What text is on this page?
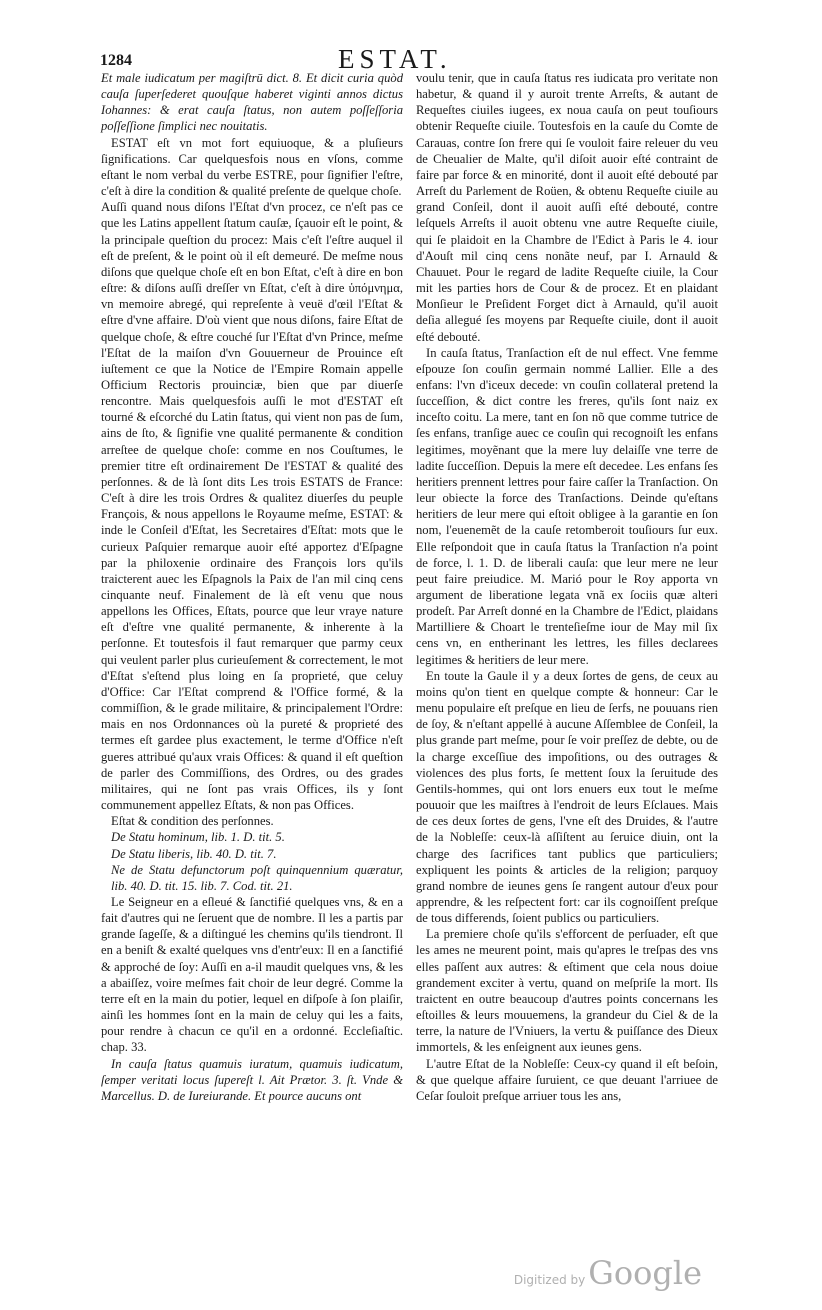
1284	ESTAT.

Et male iudicatum per magiſtrū dict. 8. Et dicit curia quòd cauſa ſuperſederet quouſque haberet viginti annos dictus Iohannes: & erat cauſa ſtatus, non autem poſſeſſoria poſſeſſione ſimplici nec nouitatis.

ESTAT eſt vn mot fort equiuoque, & a pluſieurs ſignifications. Car quelquesfois nous en vſons, comme eſtant le nom verbal du verbe ESTRE, pour ſignifier l'eſtre, c'eſt à dire la condition & qualité preſente de quelque choſe.

Auſſi quand nous diſons l'Eſtat d'vn procez, ce n'eſt pas ce que les Latins appellent ſtatum cauſæ, ſçauoir eſt le point, & la principale queſtion du procez: Mais c'eſt l'eſtre auquel il eſt de preſent, & le point où il eſt demeuré. De meſme nous diſons que quelque choſe eſt en bon Eſtat, c'eſt à dire en bon eſtre: & diſons auſſi dreſſer vn Eſtat, c'eſt à dire ὑπόμνημα, vn memoire abregé, qui repreſente à veuë d'œil l'Eſtat & eſtre d'vne affaire. D'où vient que nous diſons, faire Eſtat de quelque choſe, & eſtre couché ſur l'Eſtat d'vn Prince, meſme l'Eſtat de la maiſon d'vn Gouuerneur de Prouince eſt iuſtement ce que la Notice de l'Empire Romain appelle Officium Rectoris prouinciæ, bien que par diuerſe rencontre. Mais quelquesfois auſſi le mot d'ESTAT eſt tourné & eſcorché du Latin ſtatus, qui vient non pas de ſum, ains de ſto, & ſignifie vne qualité permanente & condition arreſtee de quelque choſe: comme en nos Couſtumes, le premier titre eſt ordinairement De l'ESTAT & qualité des perſonnes. & de là ſont dits Les trois ESTATS de France: C'eſt à dire les trois Ordres & qualitez diuerſes du peuple François, & nous appellons le Royaume meſme, ESTAT: & inde le Conſeil d'Eſtat, les Secretaires d'Eſtat: mots que le curieux Paſquier remarque auoir eſté apportez d'Eſpagne par la philoxenie ordinaire des François lors qu'ils traicterent auec les Eſpagnols la Paix de l'an mil cinq cens cinquante neuf. Finalement de là eſt venu que nous appellons les Offices, Eſtats, pource que leur vraye nature eſt d'eſtre vne qualité permanente, & inherente à la perſonne. Et toutesfois il faut remarquer que parmy ceux qui veulent parler plus curieuſement & correctement, le mot d'Eſtat s'eſtend plus loing en ſa proprieté, que celuy d'Office: Car l'Eſtat comprend & l'Office formé, & la commiſſion, & le grade militaire, & principalement l'Ordre: mais en nos Ordonnances où la pureté & proprieté des termes eſt gardee plus exactement, le terme d'Office n'eſt gueres attribué qu'aux vrais Offices: & quand il eſt queſtion de parler des Commiſſions, des Ordres, ou des grades militaires, qui ne ſont pas vrais Offices, ils y ſont communement appellez Eſtats, & non pas Offices.

Eſtat & condition des perſonnes.

De Statu hominum, lib. 1. D. tit. 5.

De Statu liberis, lib. 40. D. tit. 7.

Ne de Statu defunctorum poſt quinquennium quæratur, lib. 40. D. tit. 15. lib. 7. Cod. tit. 21.

Le Seigneur en a eſleué & ſanctifié quelques vns, & en a fait d'autres qui ne ſeruent que de nombre. Il les a partis par grande ſageſſe, & a diſtingué les chemins qu'ils tiendront. Il en a beniſt & exalté quelques vns d'entr'eux: Il en a ſanctifié & approché de ſoy: Auſſi en a-il maudit quelques vns, & les a abaiſſez, voire meſmes fait choir de leur degré. Comme la terre eſt en la main du potier, lequel en diſpoſe à ſon plaiſir, ainſi les hommes ſont en la main de celuy qui les a faits, pour rendre à chacun ce qu'il en a ordonné. Eccleſiaſtic. chap. 33.

In cauſa ſtatus quamuis iuratum, quamuis iudicatum, ſemper veritati locus ſupereſt l. Ait Prætor. 3. ſt. Vnde & Marcellus. D. de Iureiurande. Et pource aucuns ont

voulu tenir, que in cauſa ſtatus res iudicata pro veritate non habetur, & quand il y auroit trente Arreſts, & autant de Requeſtes ciuiles iugees, ex noua cauſa on peut touſiours obtenir Requeſte ciuile. Toutesfois en la cauſe du Comte de Carauas, contre ſon frere qui ſe vouloit faire releuer du veu de Cheualier de Malte, qu'il diſoit auoir eſté contraint de faire par force & en minorité, dont il auoit eſté debouté par Arreſt du Parlement de Roüen, & obtenu Requeſte ciuile au grand Conſeil, dont il auoit auſſi eſté debouté, contre leſquels Arreſts il auoit obtenu vne autre Requeſte ciuile, qui ſe plaidoit en la Chambre de l'Edict à Paris le 4. iour d'Aouſt mil cinq cens nonãte neuf, par I. Arnauld & Chauuet. Pour le regard de ladite Requeſte ciuile, la Cour mit les parties hors de Cour & de procez. Et en plaidant Monſieur le Preſident Forget dict à Arnauld, qu'il auoit deſia allegué ſes moyens par Requeſte ciuile, dont il auoit eſté debouté.

In cauſa ſtatus, Tranſaction eſt de nul effect. Vne femme eſpouze ſon couſin germain nommé Lallier. Elle a des enfans: l'vn d'iceux decede: vn couſin collateral pretend la ſucceſſion, & dict contre les freres, qu'ils ſont naiz ex inceſto coitu. La mere, tant en ſon nõ que comme tutrice de ſes enfans, tranſige auec ce couſin qui recognoiſt les enfans legitimes, moyẽnant que la mere luy delaiſſe vne terre de ladite ſucceſſion. Depuis la mere eſt decedee. Les enfans ſes heritiers prennent lettres pour faire caſſer la Tranſaction. On leur obiecte la force des Tranſactions. Deinde qu'eſtans heritiers de leur mere qui eſtoit obligee à la garantie en ſon nom, l'euenemẽt de la cauſe retomberoit touſiours ſur eux. Elle reſpondoit que in cauſa ſtatus la Tranſaction n'a point de force, l. 1. D. de liberali cauſa: que leur mere ne leur peut faire preiudice. M. Marió pour le Roy apporta vn argument de liberatione legata vnã ex ſociis quæ alteri prodeſt. Par Arreſt donné en la Chambre de l'Edict, plaidans Martilliere & Choart le trenteſieſme iour de May mil ſix cens vn, en entherinant les lettres, les filles declarees legitimes & heritiers de leur mere.

En toute la Gaule il y a deux ſortes de gens, de ceux au moins qu'on tient en quelque compte & honneur: Car le menu populaire eſt preſque en lieu de ſerfs, ne pouuans rien de ſoy, & n'eſtant appellé à aucune Aſſemblee de Conſeil, la plus grande part meſme, pour ſe voir preſſez de debte, ou de la charge exceſſiue des impoſitions, ou des outrages & violences des plus forts, ſe mettent ſoux la ſeruitude des Gentils-hommes, qui ont lors enuers eux tout le meſme pouuoir que les maiſtres à l'endroit de leurs Eſclaues. Mais de ces deux ſortes de gens, l'vne eſt des Druides, & l'autre de la Nobleſſe: ceux-là aſſiſtent au ſeruice diuin, ont la charge des ſacrifices tant publics que particuliers; expliquent les points & articles de la religion; parquoy grand nombre de ieunes gens ſe rangent autour d'eux pour apprendre, & les reſpectent fort: car ils cognoiſſent preſque de tous differends, ſoient publics ou particuliers.

La premiere choſe qu'ils s'efforcent de perſuader, eſt que les ames ne meurent point, mais qu'apres le treſpas des vns elles paſſent aux autres: & eſtiment que cela nous doiue grandement exciter à vertu, quand on meſpriſe la mort. Ils traictent en outre beaucoup d'autres points concernans les eſtoilles & leurs mouuemens, la grandeur du Ciel & de la terre, la nature de l'Vniuers, la vertu & puiſſance des Dieux immortels, & les enſeignent aux ieunes gens.

L'autre Eſtat de la Nobleſſe: Ceux-cy quand il eſt beſoin, & que quelque affaire ſuruient, ce que deuant l'arriuee de Ceſar ſouloit preſque arriuer tous les ans,

Digitized byGoogle
